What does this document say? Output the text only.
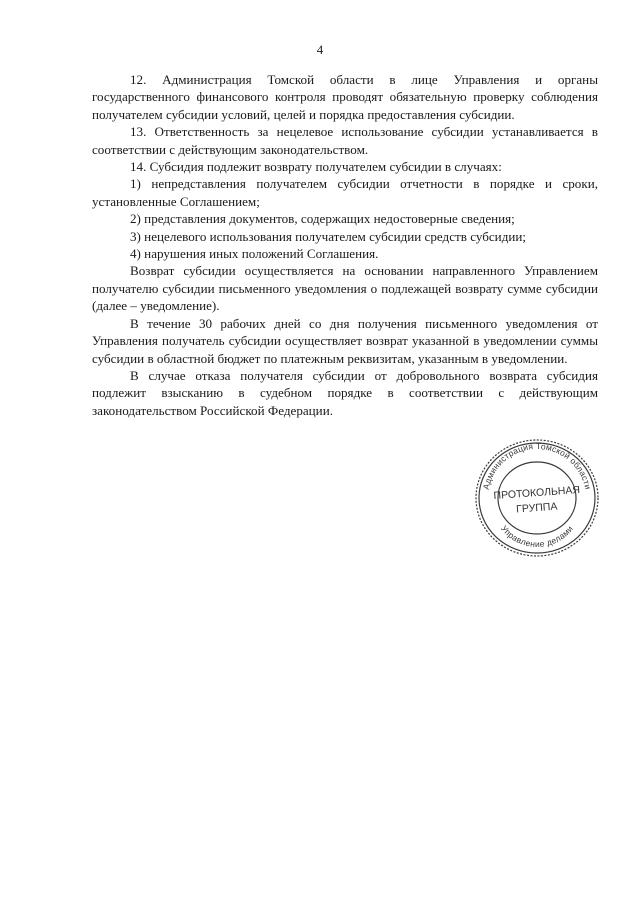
4

12. Администрация Томской области в лице Управления и органы государственного финансового контроля проводят обязательную проверку соблюдения получателем субсидии условий, целей и порядка предоставления субсидии.

13. Ответственность за нецелевое использование субсидии устанавливается в соответствии с действующим законодательством.

14. Субсидия подлежит возврату получателем субсидии в случаях:

1) непредставления получателем субсидии отчетности в порядке и сроки, установленные Соглашением;

2) представления документов, содержащих недостоверные сведения;

3) нецелевого использования получателем субсидии средств субсидии;

4) нарушения иных положений Соглашения.

Возврат субсидии осуществляется на основании направленного Управлением получателю субсидии письменного уведомления о подлежащей возврату сумме субсидии (далее – уведомление).

В течение 30 рабочих дней со дня получения письменного уведомления от Управления получатель субсидии осуществляет возврат указанной в уведомлении суммы субсидии в областной бюджет по платежным реквизитам, указанным в уведомлении.

В случае отказа получателя субсидии от добровольного возврата субсидия подлежит взысканию в судебном порядке в соответствии с действующим законодательством Российской Федерации.

Администрация Томской области
Управление делами
ПРОТОКОЛЬНАЯ
ГРУППА
